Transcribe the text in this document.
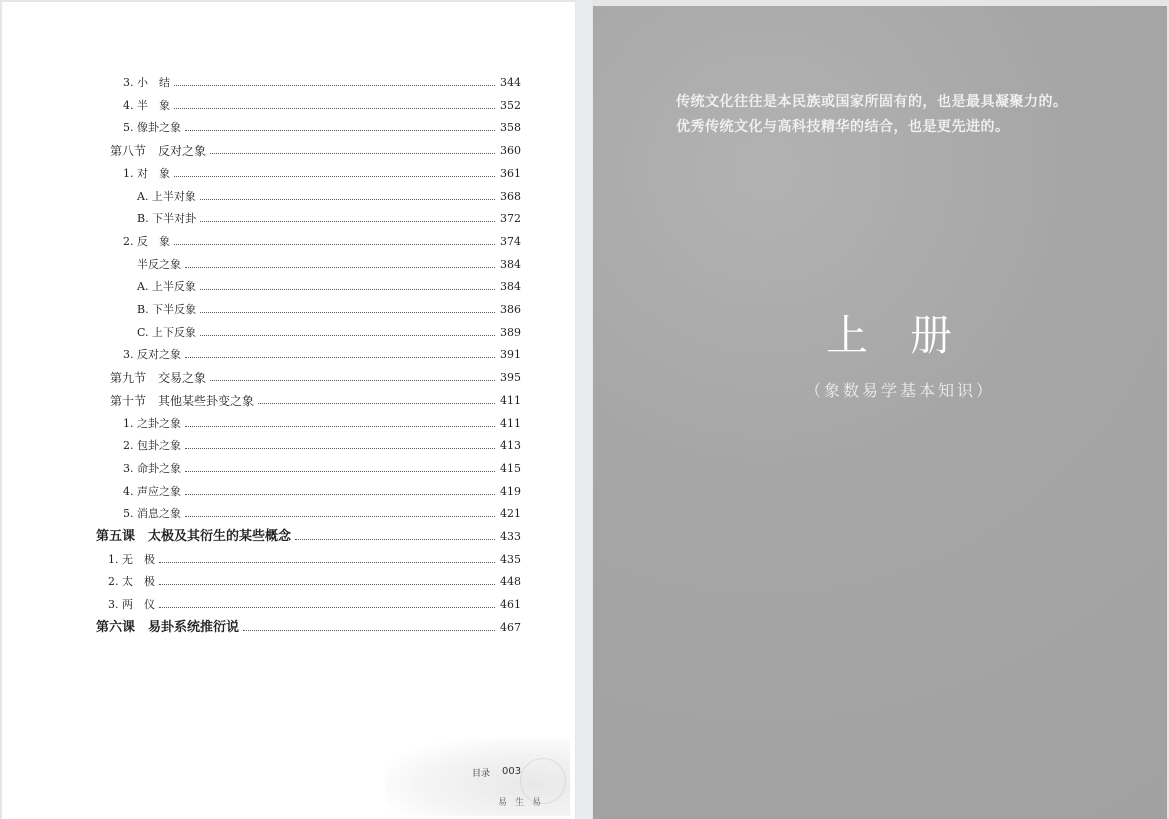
3. 小　结	344
4. 半　象	352
5. 像卦之象	358
第八节　反对之象	360
1. 对　象	361
A. 上半对象	368
B. 下半对卦	372
2. 反　象	374
半反之象	384
A. 上半反象	384
B. 下半反象	386
C. 上下反象	389
3. 反对之象	391
第九节　交易之象	395
第十节　其他某些卦变之象	411
1. 之卦之象	411
2. 包卦之象	413
3. 命卦之象	415
4. 声应之象	419
5. 消息之象	421
第五课　太极及其衍生的某些概念	433
1. 无　极	435
2. 太　极	448
3. 两　仪	461
第六课　易卦系统推衍说	467
目录 003
易生易
传统文化往往是本民族或国家所固有的，也是最具凝聚力的。
优秀传统文化与高科技精华的结合，也是更先进的。
上册
（象数易学基本知识）
